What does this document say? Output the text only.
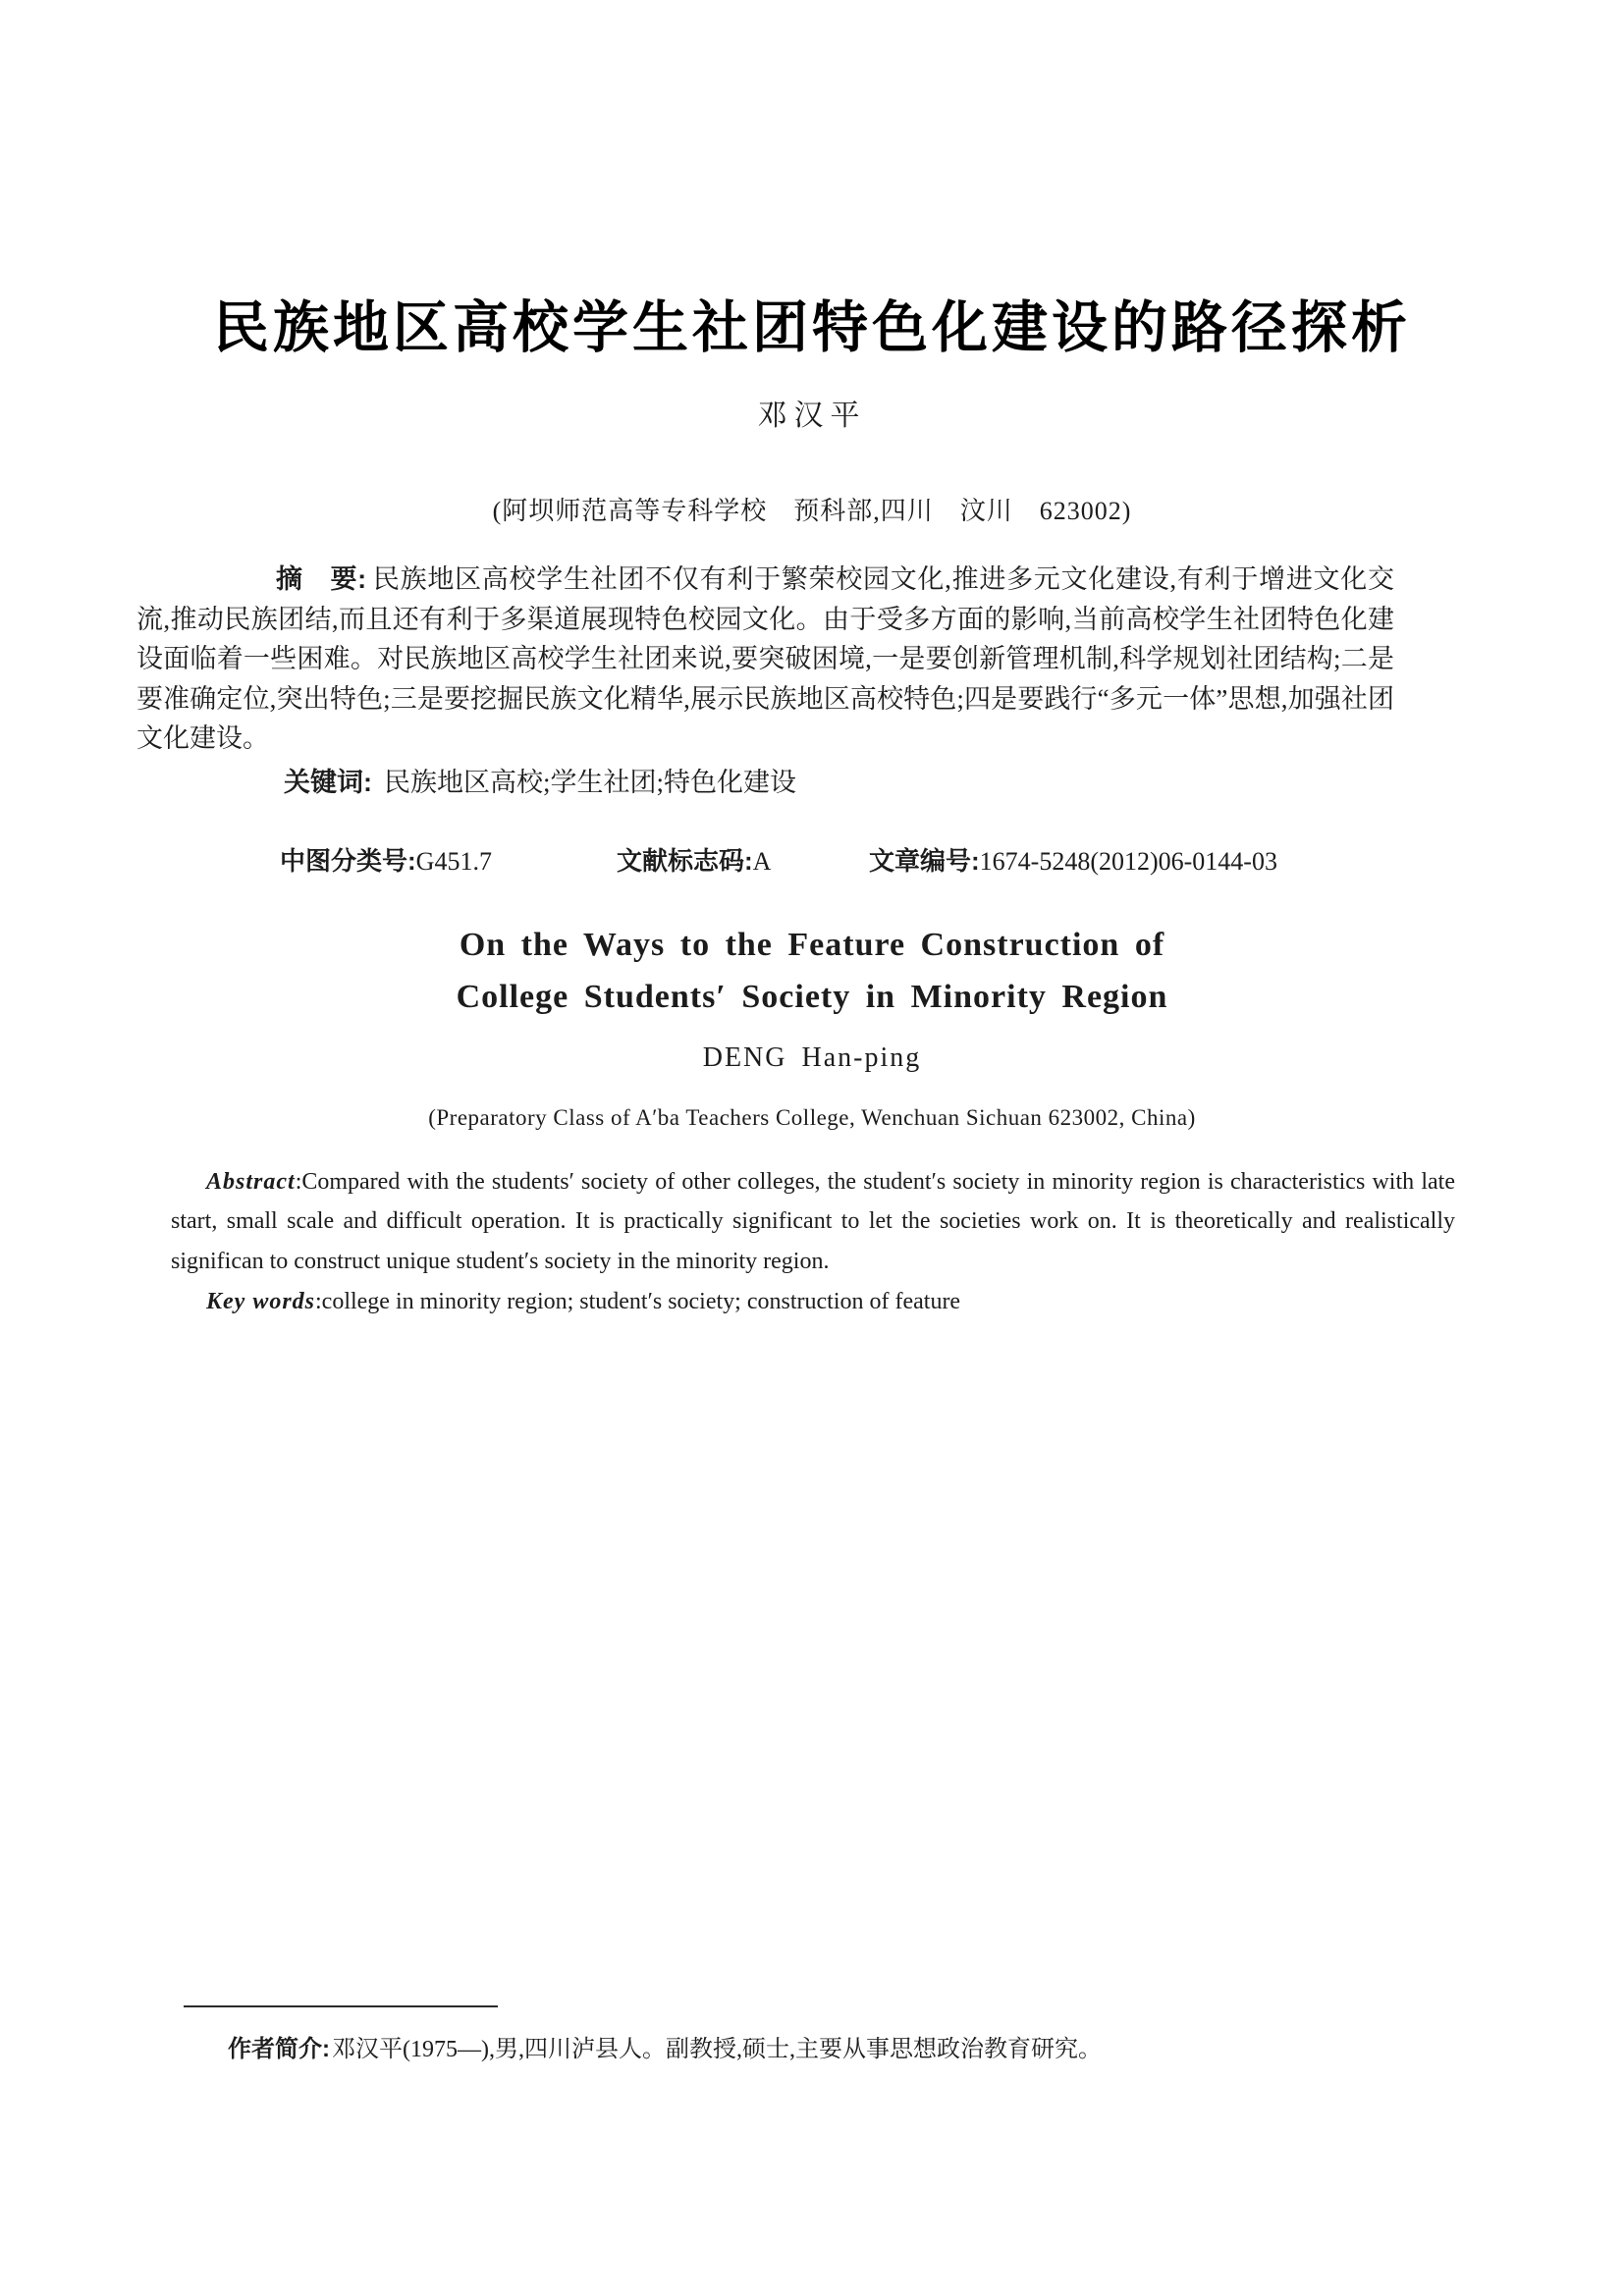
民族地区高校学生社团特色化建设的路径探析
邓汉平
(阿坝师范高等专科学校　预科部,四川　汶川　623002)

摘　要: 民族地区高校学生社团不仅有利于繁荣校园文化,推进多元文化建设,有利于增进文化交流,推动民族团结,而且还有利于多渠道展现特色校园文化。由于受多方面的影响,当前高校学生社团特色化建设面临着一些困难。对民族地区高校学生社团来说,要突破困境,一是要创新管理机制,科学规划社团结构;二是要准确定位,突出特色;三是要挖掘民族文化精华,展示民族地区高校特色;四是要践行“多元一体”思想,加强社团文化建设。

关键词: 民族地区高校;学生社团;特色化建设

中图分类号:G451.7	文献标志码:A	文章编号:1674-5248(2012)06-0144-03
On the Ways to the Feature Construction of
College Students′ Society in Minority Region
DENG Han-ping
(Preparatory Class of A′ba Teachers College, Wenchuan Sichuan 623002, China)

Abstract:Compared with the students′ society of other colleges, the student′s society in minority region is characteristics with late start, small scale and difficult operation. It is practically significant to let the societies work on. It is theoretically and realistically significan to construct unique student′s society in the minority region.

Key words:college in minority region; student′s society; construction of feature

作者简介:邓汉平(1975—),男,四川泸县人。副教授,硕士,主要从事思想政治教育研究。
